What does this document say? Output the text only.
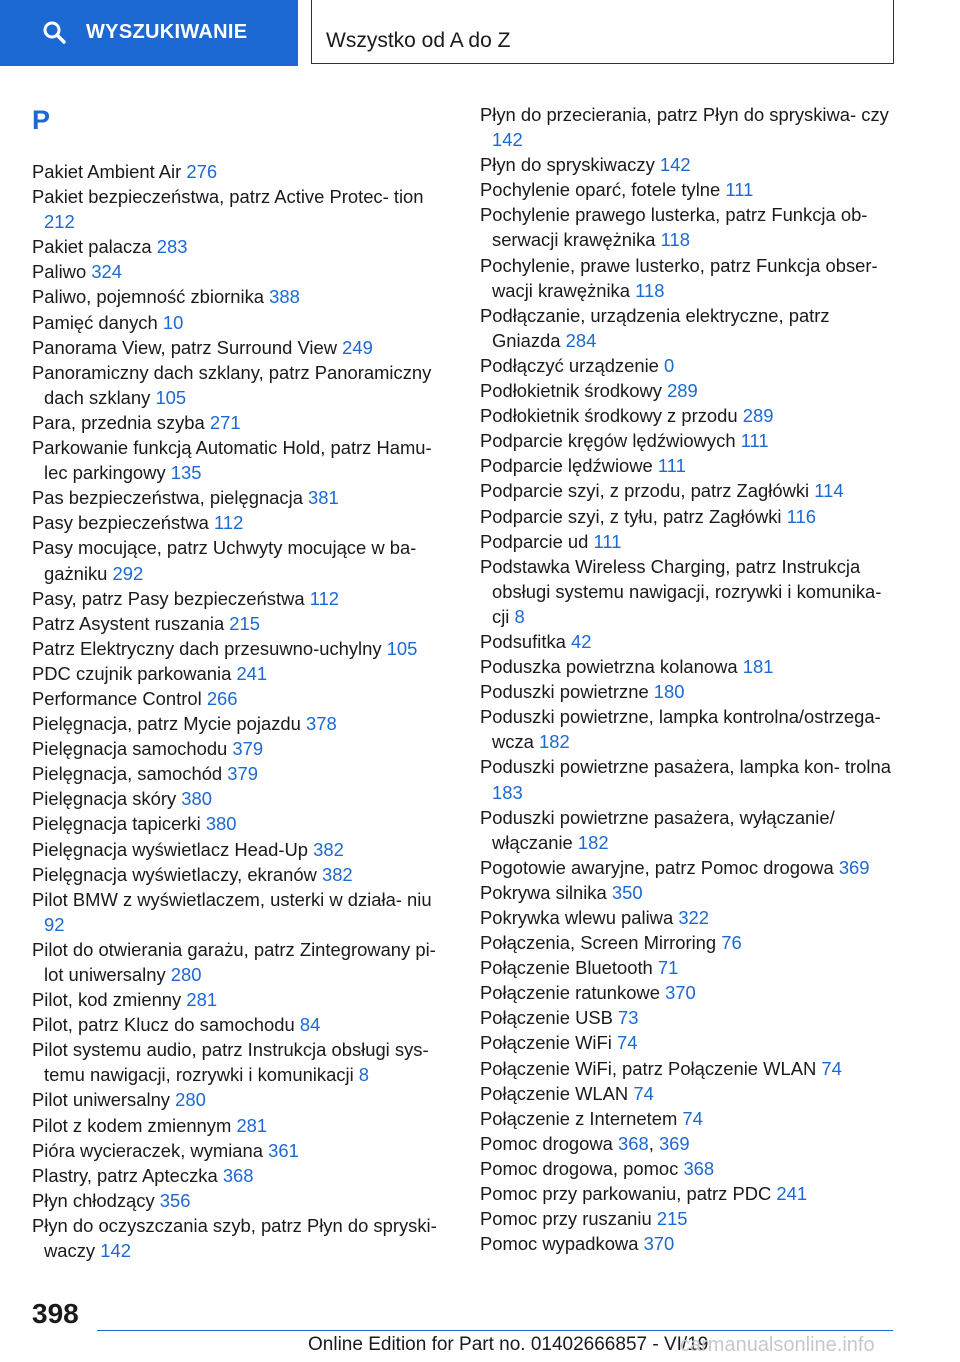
WYSZUKIWANIE	Wszystko od A do Z
P
Pakiet Ambient Air 276
Pakiet bezpieczeństwa, patrz Active Protec‐ tion 212
Pakiet palacza 283
Paliwo 324
Paliwo, pojemność zbiornika 388
Pamięć danych 10
Panorama View, patrz Surround View 249
Panoramiczny dach szklany, patrz Panoramiczny dach szklany 105
Para, przednia szyba 271
Parkowanie funkcją Automatic Hold, patrz Hamu‐ lec parkingowy 135
Pas bezpieczeństwa, pielęgnacja 381
Pasy bezpieczeństwa 112
Pasy mocujące, patrz Uchwyty mocujące w ba‐ gażniku 292
Pasy, patrz Pasy bezpieczeństwa 112
Patrz Asystent ruszania 215
Patrz Elektryczny dach przesuwno-uchylny 105
PDC czujnik parkowania 241
Performance Control 266
Pielęgnacja, patrz Mycie pojazdu 378
Pielęgnacja samochodu 379
Pielęgnacja, samochód 379
Pielęgnacja skóry 380
Pielęgnacja tapicerki 380
Pielęgnacja wyświetlacz Head-Up 382
Pielęgnacja wyświetlaczy, ekranów 382
Pilot BMW z wyświetlaczem, usterki w działa‐ niu 92
Pilot do otwierania garażu, patrz Zintegrowany pi‐ lot uniwersalny 280
Pilot, kod zmienny 281
Pilot, patrz Klucz do samochodu 84
Pilot systemu audio, patrz Instrukcja obsługi sys‐ temu nawigacji, rozrywki i komunikacji 8
Pilot uniwersalny 280
Pilot z kodem zmiennym 281
Pióra wycieraczek, wymiana 361
Plastry, patrz Apteczka 368
Płyn chłodzący 356
Płyn do oczyszczania szyb, patrz Płyn do spryski‐ waczy 142
Płyn do przecierania, patrz Płyn do spryskiwa‐ czy 142
Płyn do spryskiwaczy 142
Pochylenie oparć, fotele tylne 111
Pochylenie prawego lusterka, patrz Funkcja ob‐ serwacji krawężnika 118
Pochylenie, prawe lusterko, patrz Funkcja obser‐ wacji krawężnika 118
Podłączanie, urządzenia elektryczne, patrz Gniazda 284
Podłączyć urządzenie 0
Podłokietnik środkowy 289
Podłokietnik środkowy z przodu 289
Podparcie kręgów lędźwiowych 111
Podparcie lędźwiowe 111
Podparcie szyi, z przodu, patrz Zagłówki 114
Podparcie szyi, z tyłu, patrz Zagłówki 116
Podparcie ud 111
Podstawka Wireless Charging, patrz Instrukcja obsługi systemu nawigacji, rozrywki i komunika‐ cji 8
Podsufitka 42
Poduszka powietrzna kolanowa 181
Poduszki powietrzne 180
Poduszki powietrzne, lampka kontrolna/ostrzega‐ wcza 182
Poduszki powietrzne pasażera, lampka kon‐ trolna 183
Poduszki powietrzne pasażera, wyłączanie/ włączanie 182
Pogotowie awaryjne, patrz Pomoc drogowa 369
Pokrywa silnika 350
Pokrywka wlewu paliwa 322
Połączenia, Screen Mirroring 76
Połączenie Bluetooth 71
Połączenie ratunkowe 370
Połączenie USB 73
Połączenie WiFi 74
Połączenie WiFi, patrz Połączenie WLAN 74
Połączenie WLAN 74
Połączenie z Internetem 74
Pomoc drogowa 368, 369
Pomoc drogowa, pomoc 368
Pomoc przy parkowaniu, patrz PDC 241
Pomoc przy ruszaniu 215
Pomoc wypadkowa 370
398
Online Edition for Part no. 01402666857 - VI/19
carmanualsonline.info
